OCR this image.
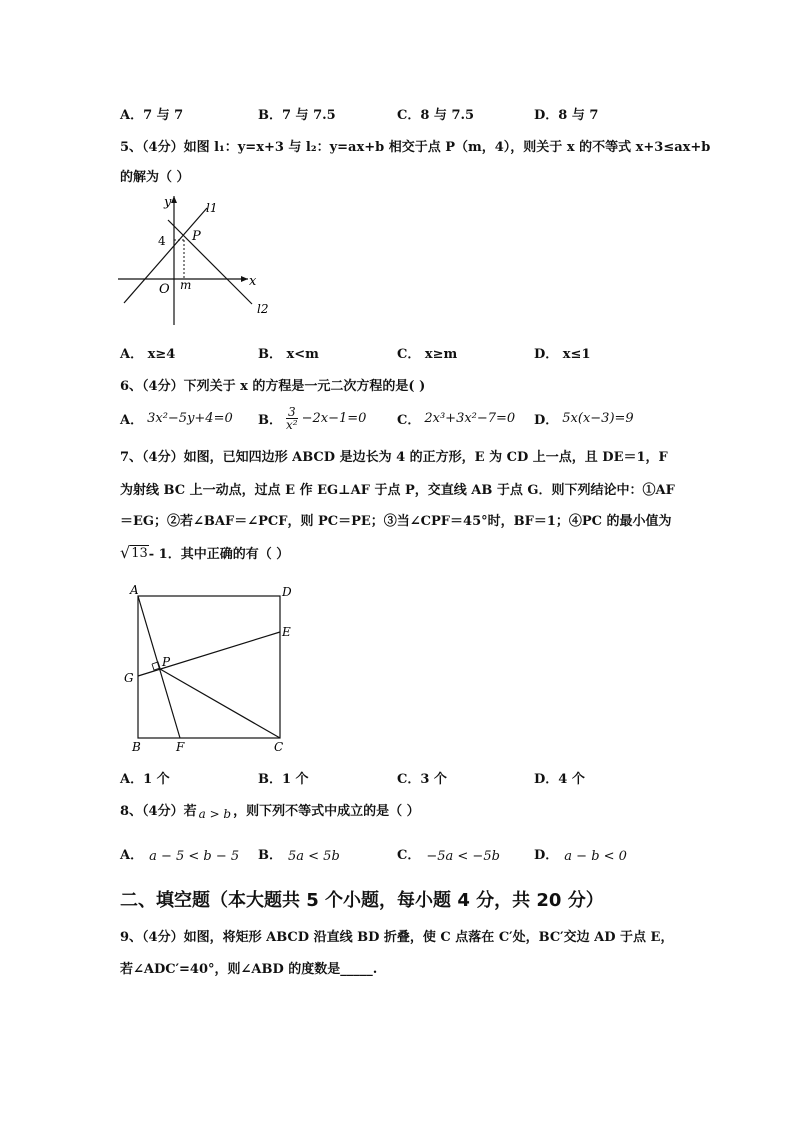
A．7 与 7	B．7 与 7.5	C．8 与 7.5	D．8 与 7
5、（4分）如图 l₁：y=x+3 与 l₂：y=ax+b 相交于点 P（m，4），则关于 x 的不等式 x+3≤ax+b
的解为（ ）
y
x
O m
4 P
l1
l2
A． x≥4	B． x<m	C． x≥m	D． x≤1
6、（4分）下列关于 x 的方程是一元二次方程的是( )
A． 3x²−5y+4=0 B． $\frac{3}{\text{x²}} -2x-1=0$ C． 2x³+3x²−7=0 D． 5x(x−3)=9
7、（4分）如图，已知四边形 ABCD 是边长为 4 的正方形，E 为 CD 上一点，且 DE＝1，F
为射线 BC 上一动点，过点 E 作 EG⊥AF 于点 P，交直线 AB 于点 G．则下列结论中：①AF
＝EG；②若∠BAF＝∠PCF，则 PC＝PE；③当∠CPF＝45°时，BF＝1；④PC 的最小值为
√ 13 - 1．其中正确的有（ ）
A	D
E
P
G
B	F	C
A．1 个	B．1 个	C．3 个	D．4 个
8、（4分）若 a > b ，则下列不等式中成立的是（ ）
A． a − 5 < b − 5 B． 5a < 5b	C． −5a < −5b	D． a − b < 0
二、填空题（本大题共 5 个小题，每小题 4 分，共 20 分）
9、（4分）如图，将矩形 ABCD 沿直线 BD 折叠，使 C 点落在 C′处，BC′交边 AD 于点 E，
若∠ADC′=40°，则∠ABD 的度数是_____.
